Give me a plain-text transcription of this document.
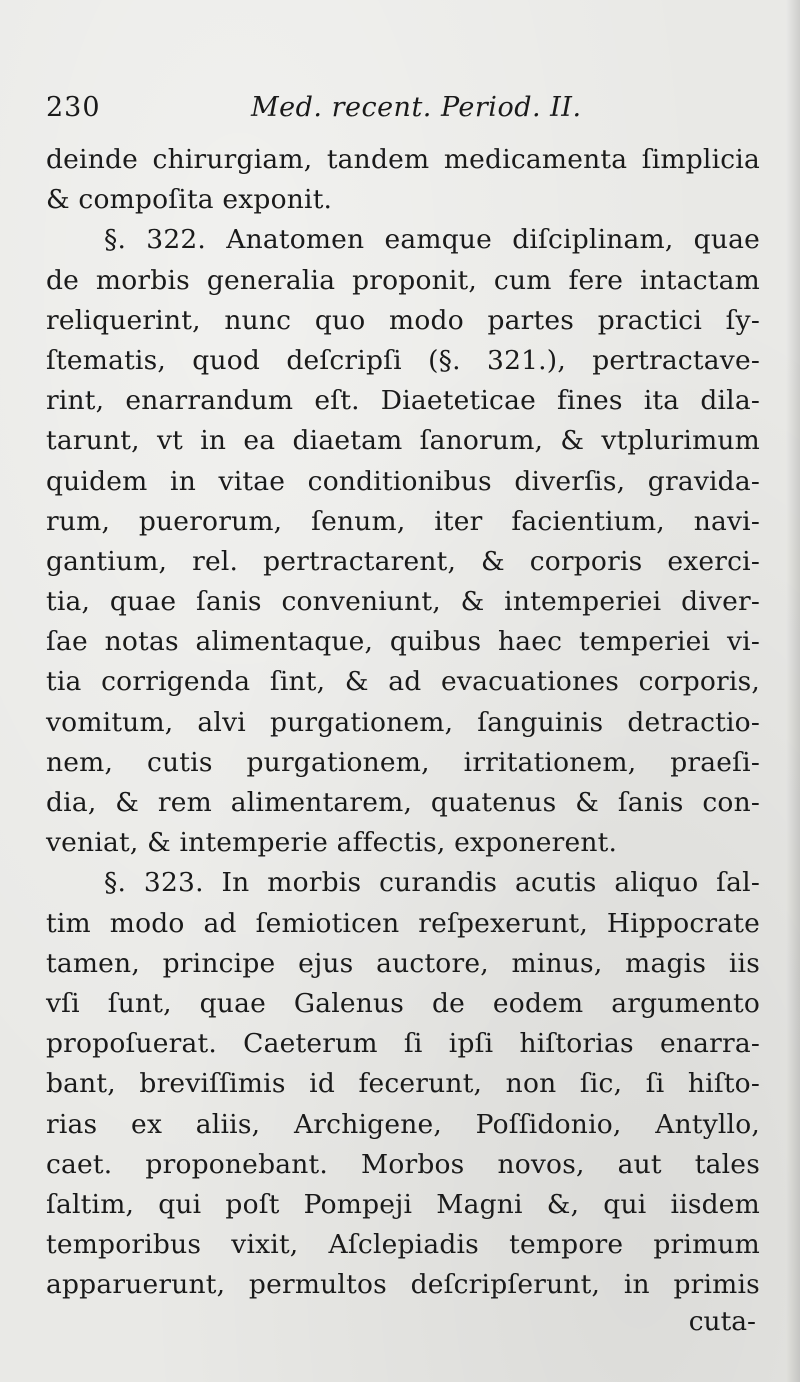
230	Med. recent. Period. II.
deinde chirurgiam, tandem medicamenta ſimplicia
& compoſita exponit.
§. 322. Anatomen eamque diſciplinam, quae
de morbis generalia proponit, cum fere intactam
reliquerint, nunc quo modo partes practici ſy-
ſtematis, quod deſcripſi (§. 321.), pertractave-
rint, enarrandum eſt. Diaeteticae fines ita dila-
tarunt, vt in ea diaetam ſanorum, & vtplurimum
quidem in vitae conditionibus diverſis, gravida-
rum, puerorum, ſenum, iter facientium, navi-
gantium, rel. pertractarent, & corporis exerci-
tia, quae ſanis conveniunt, & intemperiei diver-
ſae notas alimentaque, quibus haec temperiei vi-
tia corrigenda ſint, & ad evacuationes corporis,
vomitum, alvi purgationem, ſanguinis detractio-
nem, cutis purgationem, irritationem, praeſi-
dia, & rem alimentarem, quatenus & ſanis con-
veniat, & intemperie affectis, exponerent.
§. 323. In morbis curandis acutis aliquo ſal-
tim modo ad ſemioticen reſpexerunt, Hippocrate
tamen, principe ejus auctore, minus, magis iis
vſi ſunt, quae Galenus de eodem argumento
propoſuerat. Caeterum ſi ipſi hiſtorias enarra-
bant, breviſſimis id fecerunt, non ſic, ſi hiſto-
rias ex aliis, Archigene, Poſſidonio, Antyllo,
caet. proponebant. Morbos novos, aut tales
ſaltim, qui poſt Pompeji Magni &, qui iisdem
temporibus vixit, Aſclepiadis tempore primum
apparuerunt, permultos deſcripſerunt, in primis
cuta-
